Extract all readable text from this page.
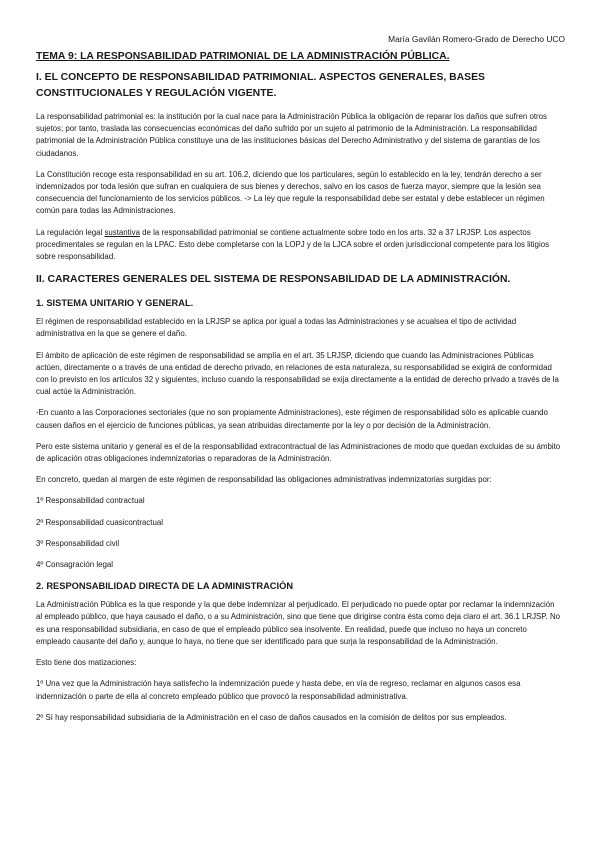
María Gavilán Romero-Grado de Derecho UCO
TEMA 9: LA RESPONSABILIDAD PATRIMONIAL DE LA ADMINISTRACIÓN PÚBLICA.
I. EL CONCEPTO DE RESPONSABILIDAD PATRIMONIAL. ASPECTOS GENERALES, BASES CONSTITUCIONALES Y REGULACIÓN VIGENTE.

La responsabilidad patrimonial es: la institución por la cual nace para la Administración Pública la obligación de reparar los daños que sufren otros sujetos; por tanto, traslada las consecuencias económicas del daño sufrido por un sujeto al patrimonio de la Administración. La responsabilidad patrimonial de la Administración Pública constituye una de las instituciones básicas del Derecho Administrativo y del sistema de garantías de los ciudadanos.

La Constitución recoge esta responsabilidad en su art. 106.2, diciendo que los particulares, según lo establecido en la ley, tendrán derecho a ser indemnizados por toda lesión que sufran en cualquiera de sus bienes y derechos, salvo en los casos de fuerza mayor, siempre que la lesión sea consecuencia del funcionamiento de los servicios públicos. -> La ley que regule la responsabilidad debe ser estatal y debe establecer un régimen común para todas las Administraciones.

La regulación legal sustantiva de la responsabilidad patrimonial se contiene actualmente sobre todo en los arts. 32 a 37 LRJSP. Los aspectos procedimentales se regulan en la LPAC. Esto debe completarse con la LOPJ y de la LJCA sobre el orden jurisdiccional competente para los litigios sobre responsabilidad.

II. CARACTERES GENERALES DEL SISTEMA DE RESPONSABILIDAD DE LA ADMINISTRACIÓN.
1. SISTEMA UNITARIO Y GENERAL.

El régimen de responsabilidad establecido en la LRJSP se aplica por igual a todas las Administraciones y se acualsea el tipo de actividad administrativa en la que se genere el daño.

El ámbito de aplicación de este régimen de responsabilidad se amplía en el art. 35 LRJSP, diciendo que cuando las Administraciones Públicas actúen, directamente o a través de una entidad de derecho privado, en relaciones de esta naturaleza, su responsabilidad se exigirá de conformidad con lo previsto en los artículos 32 y siguientes, incluso cuando la responsabilidad se exija directamente a la entidad de derecho privado a través de la cual actúe la Administración.

-En cuanto a las Corporaciones sectoriales (que no son propiamente Administraciones), este régimen de responsabilidad sólo es aplicable cuando causen daños en el ejercicio de funciones públicas, ya sean atribuidas directamente por la ley o por decisión de la Administración.

Pero este sistema unitario y general es el de la responsabilidad extracontractual de las Administraciones de modo que quedan excluidas de su ámbito de aplicación otras obligaciones indemnizatorias o reparadoras de la Administración.

En concreto, quedan al margen de este régimen de responsabilidad las obligaciones administrativas indemnizatorias surgidas por:

1º Responsabilidad contractual

2º Responsabilidad cuasicontractual

3º Responsabilidad civil

4º Consagración legal

2. RESPONSABILIDAD DIRECTA DE LA ADMINISTRACIÓN

La Administración Pública es la que responde y la que debe indemnizar al perjudicado. El perjudicado no puede optar por reclamar la indemnización al empleado público, que haya causado el daño, o a su Administración, sino que tiene que dirigirse contra ésta como deja claro el art. 36.1 LRJSP. No es una responsabilidad subsidiaria, en caso de que el empleado público sea insolvente. En realidad, puede que incluso no haya un concreto empleado causante del daño y, aunque lo haya, no tiene que ser identificado para que surja la responsabilidad de la Administración.

Esto tiene dos matizaciones:

1º Una vez que la Administración haya satisfecho la indemnización puede y hasta debe, en vía de regreso, reclamar en algunos casos esa indemnización o parte de ella al concreto empleado público que provocó la responsabilidad administrativa.

2º Sí hay responsabilidad subsidiaria de la Administración en el caso de daños causados en la comisión de delitos por sus empleados.
